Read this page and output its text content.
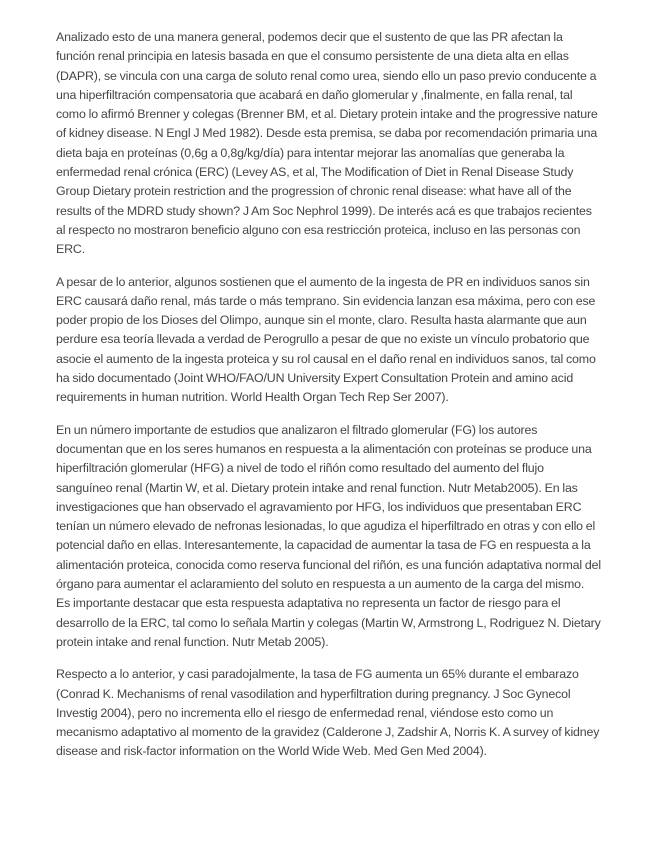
Analizado esto de una manera general, podemos decir que el sustento de que las PR afectan la función renal principia en latesis basada en que el consumo persistente de una dieta alta en ellas (DAPR), se vincula con una carga de soluto renal como urea, siendo ello un paso previo conducente a una hiperfiltración compensatoria que acabará en daño glomerular y ,finalmente, en falla renal, tal como lo afirmó Brenner y colegas (Brenner BM, et al. Dietary protein intake and the progressive nature of kidney disease. N Engl J Med 1982). Desde esta premisa, se daba por recomendación primaria una dieta baja en proteínas (0,6g a 0,8g/kg/día) para intentar mejorar las anomalías que generaba la enfermedad renal crónica (ERC) (Levey AS, et al, The Modification of Diet in Renal Disease Study Group Dietary protein restriction and the progression of chronic renal disease: what have all of the results of the MDRD study shown? J Am Soc Nephrol 1999). De interés acá es que trabajos recientes al respecto no mostraron beneficio alguno con esa restricción proteica, incluso en las personas con ERC.

A pesar de lo anterior, algunos sostienen que el aumento de la ingesta de PR en individuos sanos sin ERC causará daño renal, más tarde o más temprano. Sin evidencia lanzan esa máxima, pero con ese poder propio de los Dioses del Olimpo, aunque sin el monte, claro. Resulta hasta alarmante que aun perdure esa teoría llevada a verdad de Perogrullo a pesar de que no existe un vínculo probatorio que asocie el aumento de la ingesta proteica y su rol causal en el daño renal en individuos sanos, tal como ha sido documentado (Joint WHO/FAO/UN University Expert Consultation Protein and amino acid requirements in human nutrition. World Health Organ Tech Rep Ser 2007).

En un número importante de estudios que analizaron el filtrado glomerular (FG) los autores documentan que en los seres humanos en respuesta a la alimentación con proteínas se produce una hiperfiltración glomerular (HFG) a nivel de todo el riñón como resultado del aumento del flujo sanguíneo renal (Martin W, et al. Dietary protein intake and renal function. Nutr Metab2005). En las investigaciones que han observado el agravamiento por HFG, los individuos que presentaban ERC tenían un número elevado de nefronas lesionadas, lo que agudiza el hiperfiltrado en otras y con ello el potencial daño en ellas. Interesantemente, la capacidad de aumentar la tasa de FG en respuesta a la alimentación proteica, conocida como reserva funcional del riñón, es una función adaptativa normal del órgano para aumentar el aclaramiento del soluto en respuesta a un aumento de la carga del mismo. Es importante destacar que esta respuesta adaptativa no representa un factor de riesgo para el desarrollo de la ERC, tal como lo señala Martin y colegas (Martin W, Armstrong L, Rodriguez N. Dietary protein intake and renal function. Nutr Metab 2005).

Respecto a lo anterior, y casi paradojalmente, la tasa de FG aumenta un 65% durante el embarazo (Conrad K. Mechanisms of renal vasodilation and hyperfiltration during pregnancy. J Soc Gynecol Investig 2004), pero no incrementa ello el riesgo de enfermedad renal, viéndose esto como un mecanismo adaptativo al momento de la gravidez (Calderone J, Zadshir A, Norris K. A survey of kidney disease and risk-factor information on the World Wide Web. Med Gen Med 2004).
